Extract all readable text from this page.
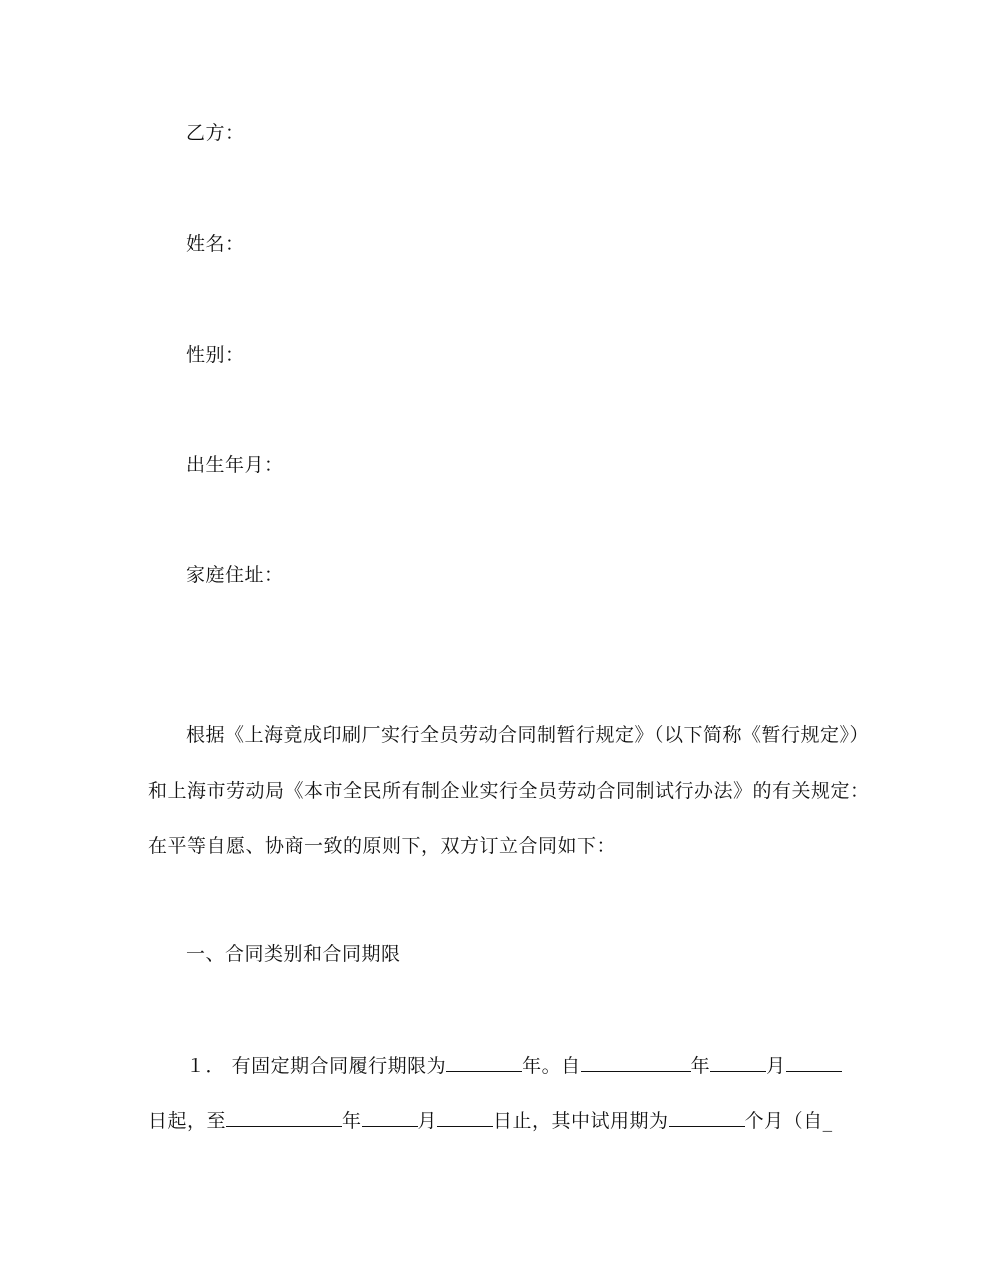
乙方：
姓名：
性别：
出生年月：
家庭住址：
根据《上海竟成印刷厂实行全员劳动合同制暂行规定》（以下简称《暂行规定》）
和上海市劳动局《本市全民所有制企业实行全员劳动合同制试行办法》的有关规定：
在平等自愿、协商一致的原则下，双方订立合同如下：
一、合同类别和合同期限
１． 有固定期合同履行期限为	年。自	年	月
日起，至	年	月	日止，其中试用期为	个月（自_
